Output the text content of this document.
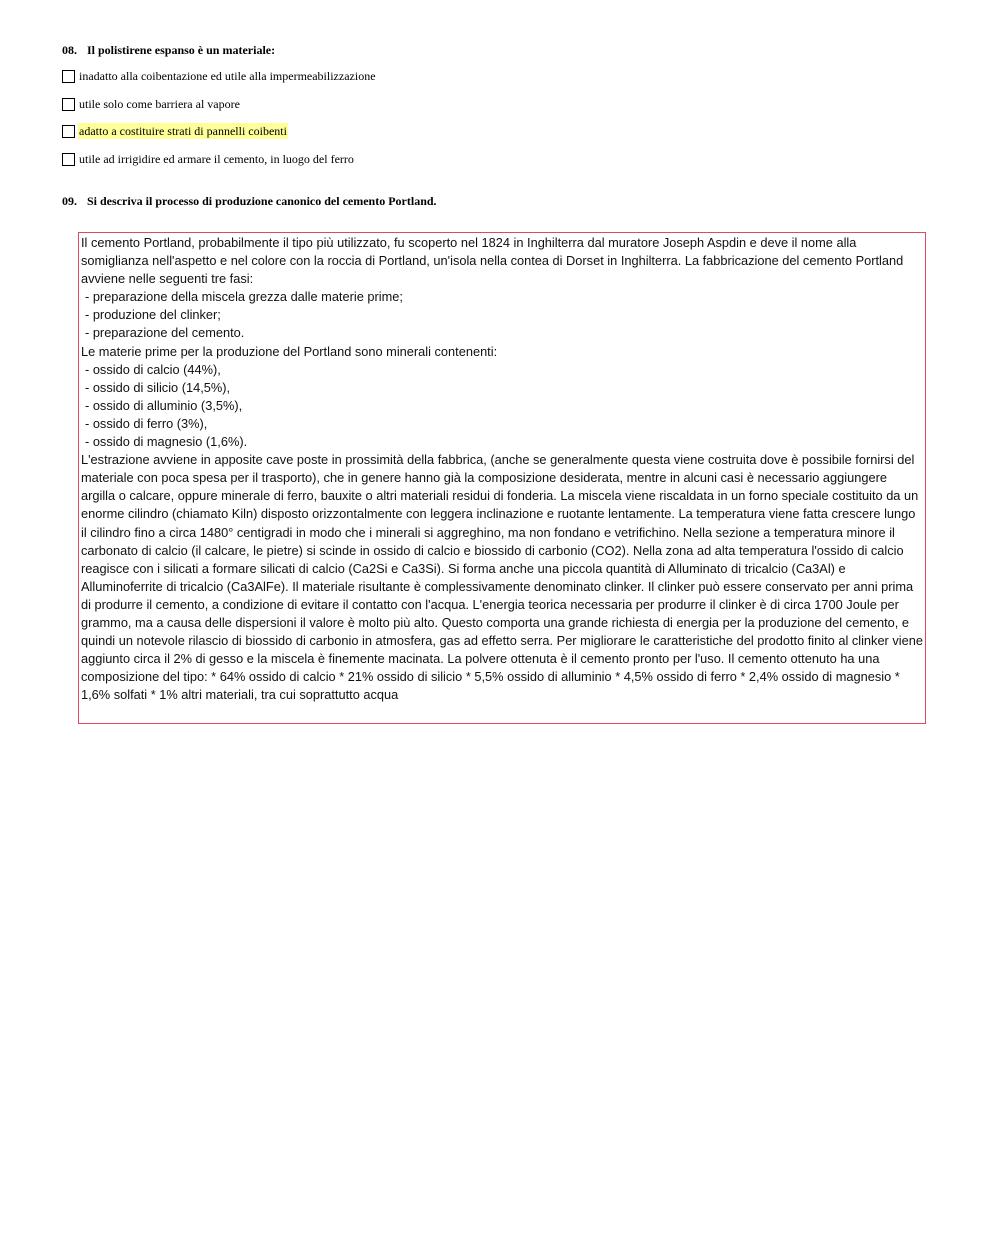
08. Il polistirene espanso è un materiale:
inadatto alla coibentazione ed utile alla impermeabilizzazione
utile solo come barriera al vapore
adatto a costituire strati di pannelli coibenti
utile ad irrigidire ed armare il cemento, in luogo del ferro
09. Si descriva il processo di produzione canonico del cemento Portland.

Il cemento Portland, probabilmente il tipo più utilizzato, fu scoperto nel 1824 in Inghilterra dal muratore Joseph Aspdin e deve il nome alla somiglianza nell'aspetto e nel colore con la roccia di Portland, un'isola nella contea di Dorset in Inghilterra. La fabbricazione del cemento Portland avviene nelle seguenti tre fasi:

- preparazione della miscela grezza dalle materie prime;

- produzione del clinker;

- preparazione del cemento.

Le materie prime per la produzione del Portland sono minerali contenenti:

- ossido di calcio (44%),

- ossido di silicio (14,5%),

- ossido di alluminio (3,5%),

- ossido di ferro (3%),

- ossido di magnesio (1,6%).

L'estrazione avviene in apposite cave poste in prossimità della fabbrica, (anche se generalmente questa viene costruita dove è possibile fornirsi del materiale con poca spesa per il trasporto), che in genere hanno già la composizione desiderata, mentre in alcuni casi è necessario aggiungere argilla o calcare, oppure minerale di ferro, bauxite o altri materiali residui di fonderia. La miscela viene riscaldata in un forno speciale costituito da un enorme cilindro (chiamato Kiln) disposto orizzontalmente con leggera inclinazione e ruotante lentamente. La temperatura viene fatta crescere lungo il cilindro fino a circa 1480° centigradi in modo che i minerali si aggreghino, ma non fondano e vetrifichino. Nella sezione a temperatura minore il carbonato di calcio (il calcare, le pietre) si scinde in ossido di calcio e biossido di carbonio (CO2). Nella zona ad alta temperatura l'ossido di calcio reagisce con i silicati a formare silicati di calcio (Ca2Si e Ca3Si). Si forma anche una piccola quantità di Alluminato di tricalcio (Ca3Al) e Alluminoferrite di tricalcio (Ca3AlFe). Il materiale risultante è complessivamente denominato clinker. Il clinker può essere conservato per anni prima di produrre il cemento, a condizione di evitare il contatto con l'acqua. L'energia teorica necessaria per produrre il clinker è di circa 1700 Joule per grammo, ma a causa delle dispersioni il valore è molto più alto. Questo comporta una grande richiesta di energia per la produzione del cemento, e quindi un notevole rilascio di biossido di carbonio in atmosfera, gas ad effetto serra. Per migliorare le caratteristiche del prodotto finito al clinker viene aggiunto circa il 2% di gesso e la miscela è finemente macinata. La polvere ottenuta è il cemento pronto per l'uso. Il cemento ottenuto ha una composizione del tipo: * 64% ossido di calcio * 21% ossido di silicio * 5,5% ossido di alluminio * 4,5% ossido di ferro * 2,4% ossido di magnesio * 1,6% solfati * 1% altri materiali, tra cui soprattutto acqua
